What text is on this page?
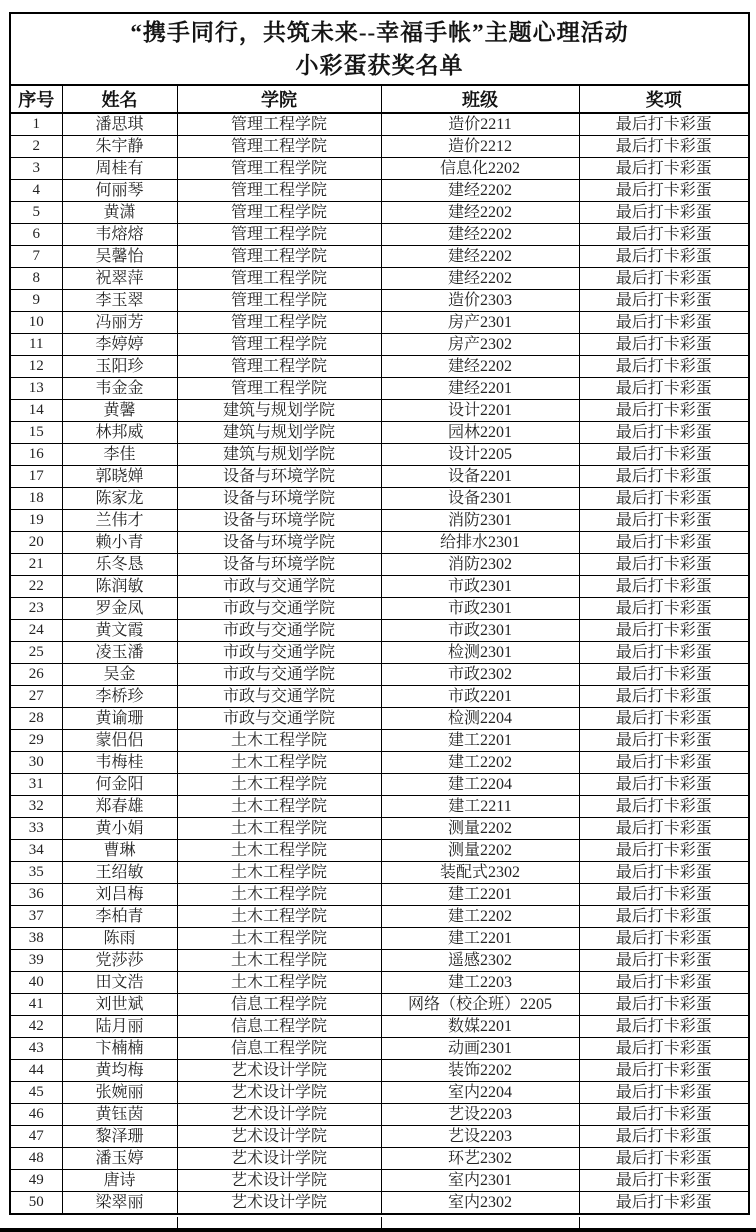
“携手同行，共筑未来--幸福手帐”主题心理活动
小彩蛋获奖名单				

序号	姓名	学院	班级	奖项
1	潘思琪	管理工程学院	造价2211	最后打卡彩蛋
2	朱宇静	管理工程学院	造价2212	最后打卡彩蛋
3	周桂有	管理工程学院	信息化2202	最后打卡彩蛋
4	何丽琴	管理工程学院	建经2202	最后打卡彩蛋
5	黄潇	管理工程学院	建经2202	最后打卡彩蛋
6	韦熔熔	管理工程学院	建经2202	最后打卡彩蛋
7	吴馨怡	管理工程学院	建经2202	最后打卡彩蛋
8	祝翠萍	管理工程学院	建经2202	最后打卡彩蛋
9	李玉翠	管理工程学院	造价2303	最后打卡彩蛋
10	冯丽芳	管理工程学院	房产2301	最后打卡彩蛋
11	李婷婷	管理工程学院	房产2302	最后打卡彩蛋
12	玉阳珍	管理工程学院	建经2202	最后打卡彩蛋
13	韦金金	管理工程学院	建经2201	最后打卡彩蛋
14	黄馨	建筑与规划学院	设计2201	最后打卡彩蛋
15	林邦威	建筑与规划学院	园林2201	最后打卡彩蛋
16	李佳	建筑与规划学院	设计2205	最后打卡彩蛋
17	郭晓婵	设备与环境学院	设备2201	最后打卡彩蛋
18	陈家龙	设备与环境学院	设备2301	最后打卡彩蛋
19	兰伟才	设备与环境学院	消防2301	最后打卡彩蛋
20	赖小青	设备与环境学院	给排水2301	最后打卡彩蛋
21	乐冬恳	设备与环境学院	消防2302	最后打卡彩蛋
22	陈润敏	市政与交通学院	市政2301	最后打卡彩蛋
23	罗金凤	市政与交通学院	市政2301	最后打卡彩蛋
24	黄文霞	市政与交通学院	市政2301	最后打卡彩蛋
25	凌玉潘	市政与交通学院	检测2301	最后打卡彩蛋
26	吴金	市政与交通学院	市政2302	最后打卡彩蛋
27	李桥珍	市政与交通学院	市政2201	最后打卡彩蛋
28	黄谕珊	市政与交通学院	检测2204	最后打卡彩蛋
29	蒙侣侣	土木工程学院	建工2201	最后打卡彩蛋
30	韦梅桂	土木工程学院	建工2202	最后打卡彩蛋
31	何金阳	土木工程学院	建工2204	最后打卡彩蛋
32	郑春雄	土木工程学院	建工2211	最后打卡彩蛋
33	黄小娟	土木工程学院	测量2202	最后打卡彩蛋
34	曹琳	土木工程学院	测量2202	最后打卡彩蛋
35	王绍敏	土木工程学院	装配式2302	最后打卡彩蛋
36	刘吕梅	土木工程学院	建工2201	最后打卡彩蛋
37	李柏青	土木工程学院	建工2202	最后打卡彩蛋
38	陈雨	土木工程学院	建工2201	最后打卡彩蛋
39	党莎莎	土木工程学院	遥感2302	最后打卡彩蛋
40	田文浩	土木工程学院	建工2203	最后打卡彩蛋
41	刘世斌	信息工程学院	网络（校企班）2205	最后打卡彩蛋
42	陆月丽	信息工程学院	数媒2201	最后打卡彩蛋
43	卞楠楠	信息工程学院	动画2301	最后打卡彩蛋
44	黄均梅	艺术设计学院	装饰2202	最后打卡彩蛋
45	张婉丽	艺术设计学院	室内2204	最后打卡彩蛋
46	黄钰茵	艺术设计学院	艺设2203	最后打卡彩蛋
47	黎泽珊	艺术设计学院	艺设2203	最后打卡彩蛋
48	潘玉婷	艺术设计学院	环艺2302	最后打卡彩蛋
49	唐诗	艺术设计学院	室内2301	最后打卡彩蛋
50	梁翠丽	艺术设计学院	室内2302	最后打卡彩蛋
